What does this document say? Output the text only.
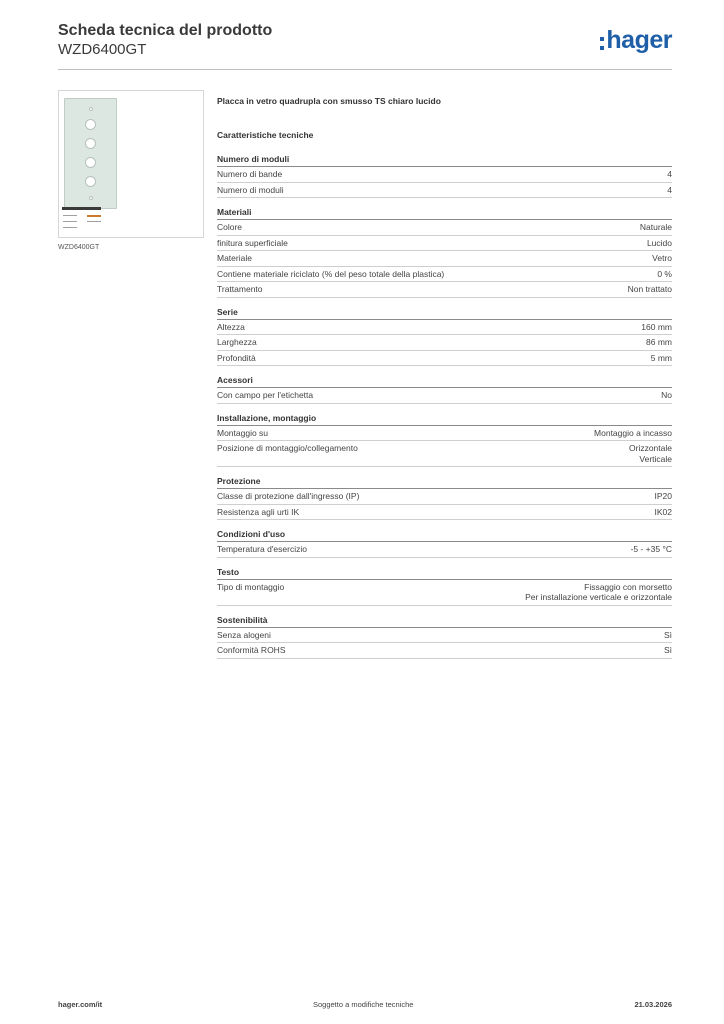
Scheda tecnica del prodotto
WZD6400GT	hager
WZD6400GT
Placca in vetro quadrupla con smusso TS chiaro lucido
Caratteristiche tecniche
Numero di moduli
Numero di bande	4
Numero di moduli	4
Materiali
Colore	Naturale
finitura superficiale	Lucido
Materiale	Vetro
Contiene materiale riciclato (% del peso totale della plastica)	0 %
Trattamento	Non trattato
Serie
Altezza	160 mm
Larghezza	86 mm
Profondità	5 mm
Acessori
Con campo per l'etichetta	No
Installazione, montaggio
Montaggio su	Montaggio a incasso
Posizione di montaggio/collegamento	Orizzontale
Verticale
Protezione
Classe di protezione dall'ingresso (IP)	IP20
Resistenza agli urti IK	IK02
Condizioni d'uso
Temperatura d'esercizio	-5 - +35 °C
Testo
Tipo di montaggio	Fissaggio con morsetto
Per installazione verticale e orizzontale
Sostenibilità
Senza alogeni	Sì
Conformità ROHS	Sì
hager.com/it	Soggetto a modifiche tecniche	21.03.2026
